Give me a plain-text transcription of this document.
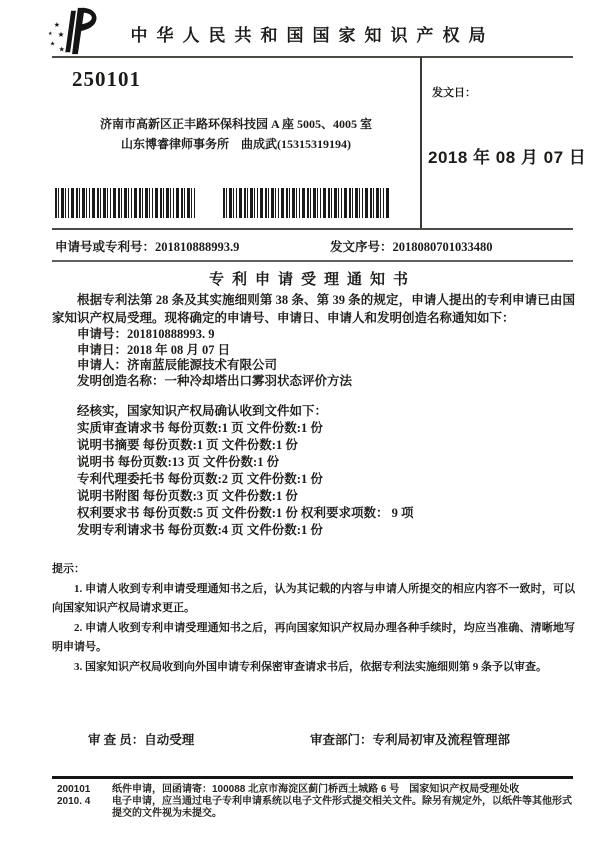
★
★ ★
★
★
中华人民共和国国家知识产权局
250101
济南市高新区正丰路环保科技园 A 座 5005、4005 室
山东博睿律师事务所　曲成武(15315319194)
发文日：
2018 年 08 月 07 日
申请号或专利号：201810888993.9	发文序号：2018080701033480
专利申请受理通知书
根据专利法第 28 条及其实施细则第 38 条、第 39 条的规定，申请人提出的专利申请已由国家知识产权局受理。现将确定的申请号、申请日、申请人和发明创造名称通知如下：
申请号：201810888993. 9
申请日：2018 年 08 月 07 日
申请人：济南蓝辰能源技术有限公司
发明创造名称：一种冷却塔出口雾羽状态评价方法
经核实，国家知识产权局确认收到文件如下：
实质审查请求书 每份页数:1 页 文件份数:1 份
说明书摘要 每份页数:1 页 文件份数:1 份
说明书 每份页数:13 页 文件份数:1 份
专利代理委托书 每份页数:2 页 文件份数:1 份
说明书附图 每份页数:3 页 文件份数:1 份
权利要求书 每份页数:5 页 文件份数:1 份 权利要求项数： 9 项
发明专利请求书 每份页数:4 页 文件份数:1 份
提示：

1. 申请人收到专利申请受理通知书之后，认为其记载的内容与申请人所提交的相应内容不一致时，可以向国家知识产权局请求更正。

2. 申请人收到专利申请受理通知书之后，再向国家知识产权局办理各种手续时，均应当准确、清晰地写明申请号。

3. 国家知识产权局收到向外国申请专利保密审查请求书后，依据专利法实施细则第 9 条予以审查。

审 查 员：自动受理	审查部门：专利局初审及流程管理部
200101	纸件申请，回函请寄：100088 北京市海淀区蓟门桥西土城路 6 号　国家知识产权局受理处收
2010. 4	电子申请，应当通过电子专利申请系统以电子文件形式提交相关文件。除另有规定外，以纸件等其他形式提交的文件视为未提交。
